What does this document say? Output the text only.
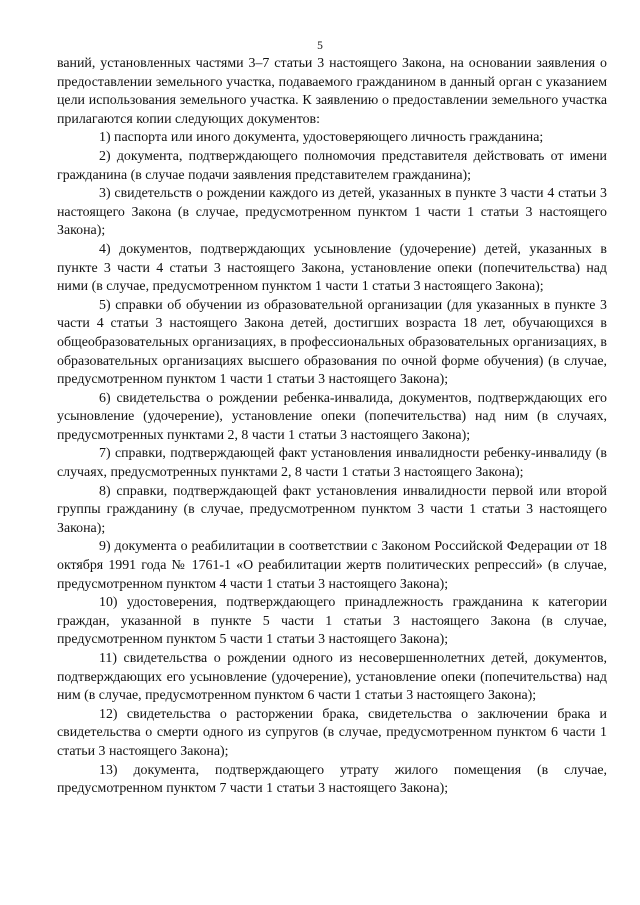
5

ваний, установленных частями 3–7 статьи 3 настоящего Закона, на основании заявления о предоставлении земельного участка, подаваемого гражданином в данный орган с указанием цели использования земельного участка. К заявлению о предоставлении земельного участка прилагаются копии следующих документов:

1) паспорта или иного документа, удостоверяющего личность гражданина;

2) документа, подтверждающего полномочия представителя действовать от имени гражданина (в случае подачи заявления представителем гражданина);

3) свидетельств о рождении каждого из детей, указанных в пункте 3 части 4 статьи 3 настоящего Закона (в случае, предусмотренном пунктом 1 части 1 статьи 3 настоящего Закона);

4) документов, подтверждающих усыновление (удочерение) детей, указанных в пункте 3 части 4 статьи 3 настоящего Закона, установление опеки (попечительства) над ними (в случае, предусмотренном пунктом 1 части 1 статьи 3 настоящего Закона);

5) справки об обучении из образовательной организации (для указанных в пункте 3 части 4 статьи 3 настоящего Закона детей, достигших возраста 18 лет, обучающихся в общеобразовательных организациях, в профессиональных образовательных организациях, в образовательных организациях высшего образования по очной форме обучения) (в случае, предусмотренном пунктом 1 части 1 статьи 3 настоящего Закона);

6) свидетельства о рождении ребенка-инвалида, документов, подтверждающих его усыновление (удочерение), установление опеки (попечительства) над ним (в случаях, предусмотренных пунктами 2, 8 части 1 статьи 3 настоящего Закона);

7) справки, подтверждающей факт установления инвалидности ребенку-инвалиду (в случаях, предусмотренных пунктами 2, 8 части 1 статьи 3 настоящего Закона);

8) справки, подтверждающей факт установления инвалидности первой или второй группы гражданину (в случае, предусмотренном пунктом 3 части 1 статьи 3 настоящего Закона);

9) документа о реабилитации в соответствии с Законом Российской Федерации от 18 октября 1991 года № 1761-1 «О реабилитации жертв политических репрессий» (в случае, предусмотренном пунктом 4 части 1 статьи 3 настоящего Закона);

10) удостоверения, подтверждающего принадлежность гражданина к категории граждан, указанной в пункте 5 части 1 статьи 3 настоящего Закона (в случае, предусмотренном пунктом 5 части 1 статьи 3 настоящего Закона);

11) свидетельства о рождении одного из несовершеннолетних детей, документов, подтверждающих его усыновление (удочерение), установление опеки (попечительства) над ним (в случае, предусмотренном пунктом 6 части 1 статьи 3 настоящего Закона);

12) свидетельства о расторжении брака, свидетельства о заключении брака и свидетельства о смерти одного из супругов (в случае, предусмотренном пунктом 6 части 1 статьи 3 настоящего Закона);

13) документа, подтверждающего утрату жилого помещения (в случае, предусмотренном пунктом 7 части 1 статьи 3 настоящего Закона);
